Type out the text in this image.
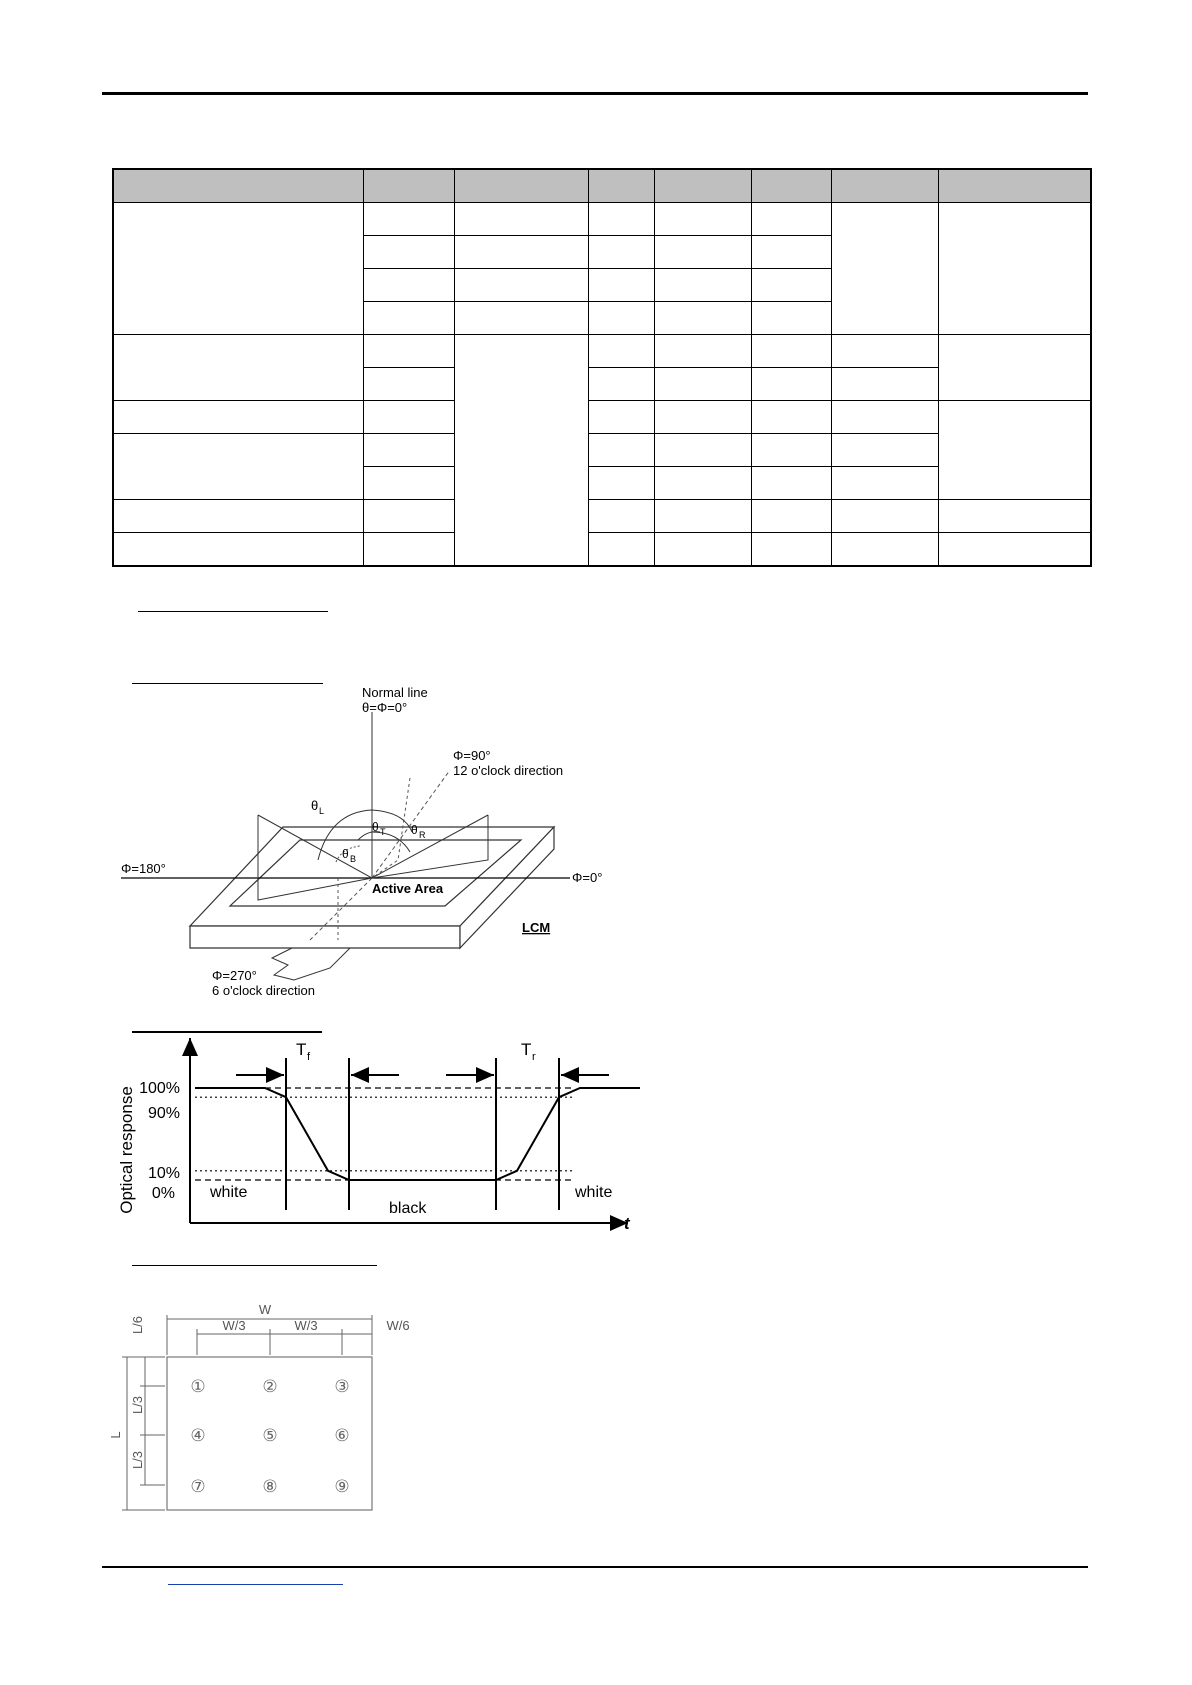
Normal line
θ=Φ=0°
Φ=90°
12 o'clock direction
Φ=180°
Φ=0°
Φ=270°
6 o'clock direction
Active Area
LCM
θ L
θ T θ R
θ B
Optical response 100%
90%
10%
0%
T f	T r
white
black
white
t
W
W/3	W/3	W/6
L
L/6
L/3
L/3
①	②	③
④	⑤	⑥
⑦	⑧	⑨
